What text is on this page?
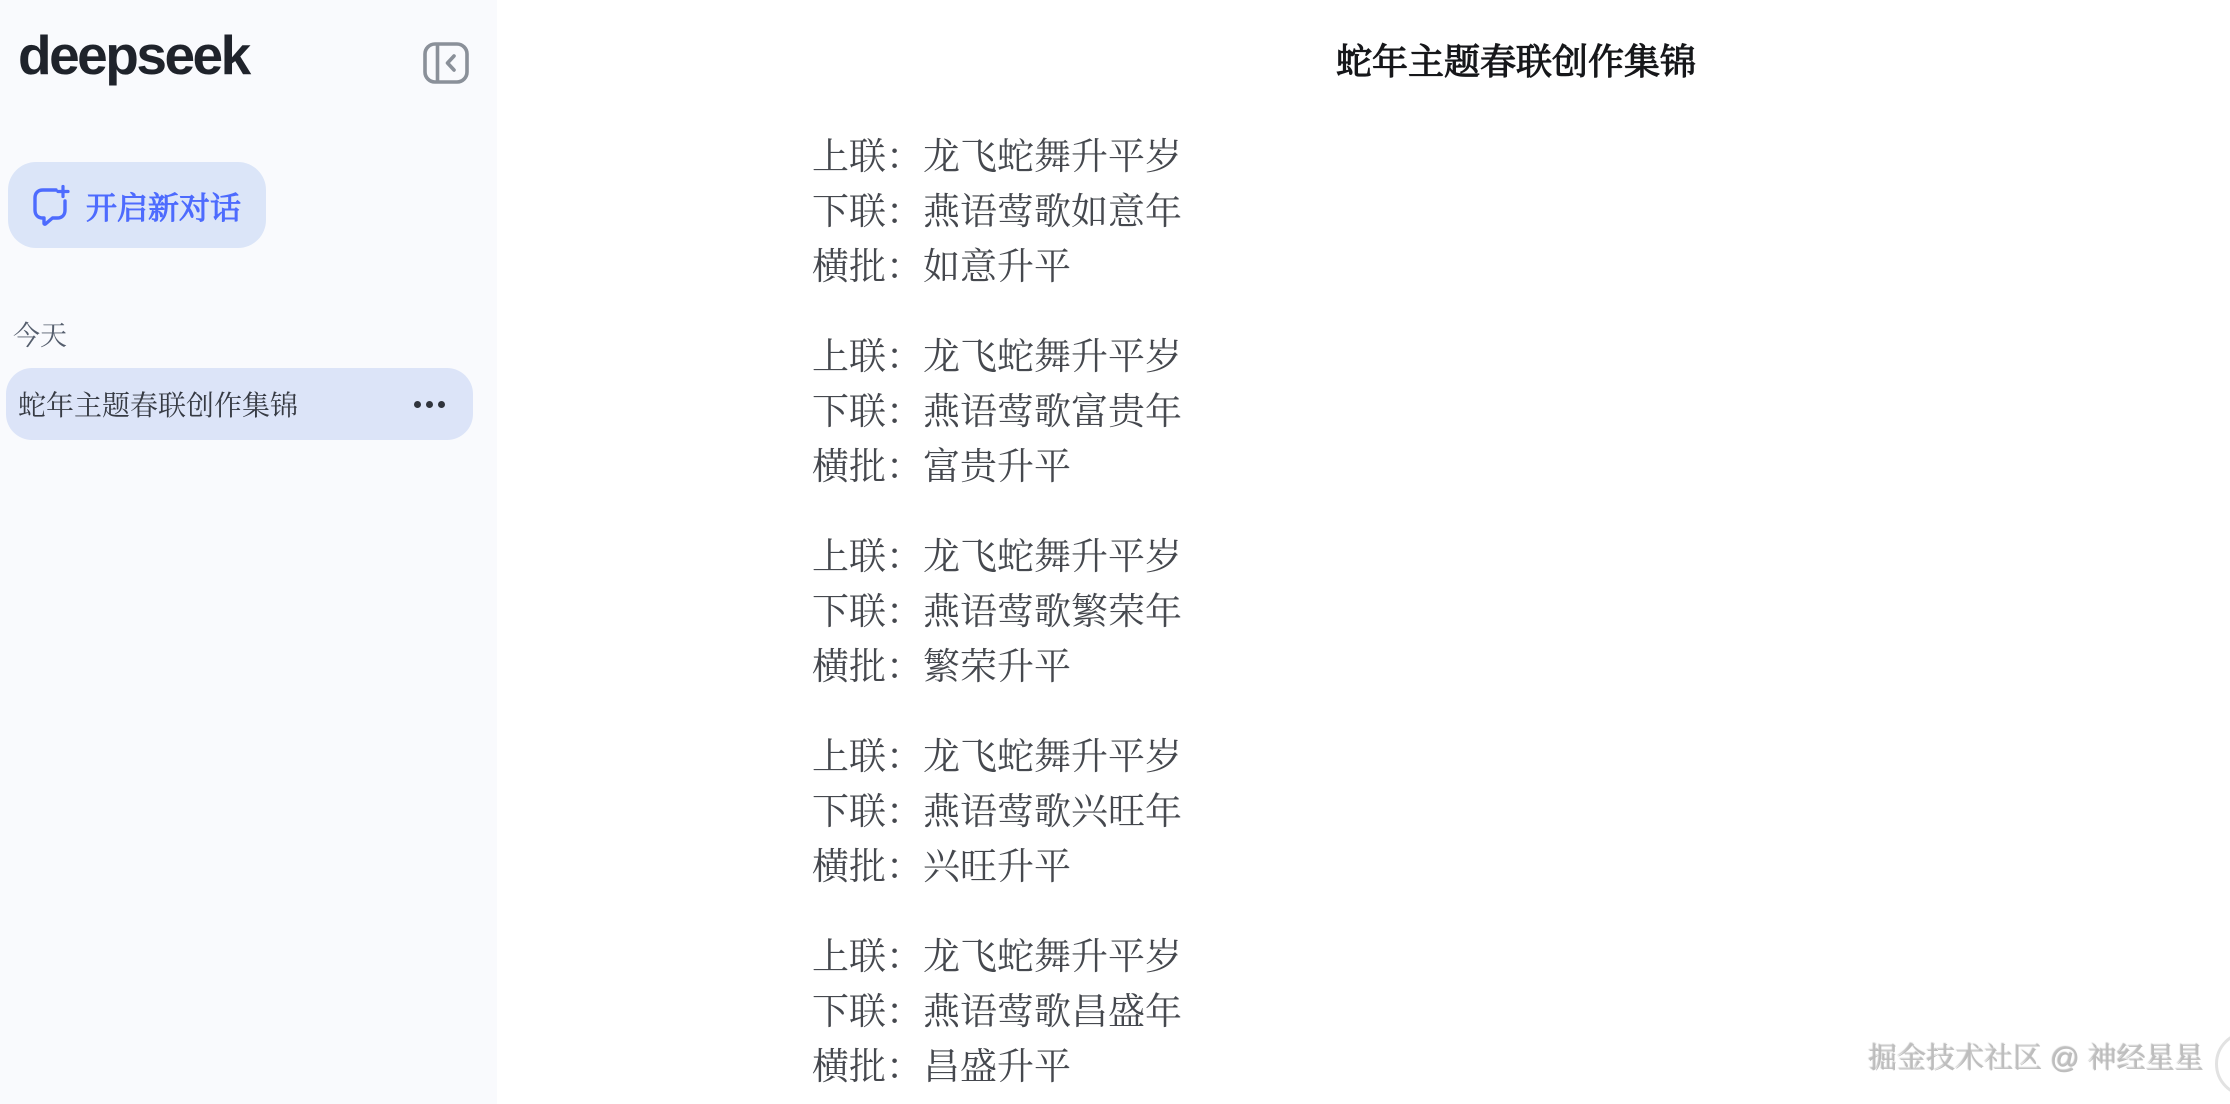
deepseek
开启新对话
今天
蛇年主题春联创作集锦
蛇年主题春联创作集锦
上联：龙飞蛇舞升平岁
下联：燕语莺歌如意年
横批：如意升平
上联：龙飞蛇舞升平岁
下联：燕语莺歌富贵年
横批：富贵升平
上联：龙飞蛇舞升平岁
下联：燕语莺歌繁荣年
横批：繁荣升平
上联：龙飞蛇舞升平岁
下联：燕语莺歌兴旺年
横批：兴旺升平
上联：龙飞蛇舞升平岁
下联：燕语莺歌昌盛年
横批：昌盛升平	掘金技术社区 @ 神经星星
